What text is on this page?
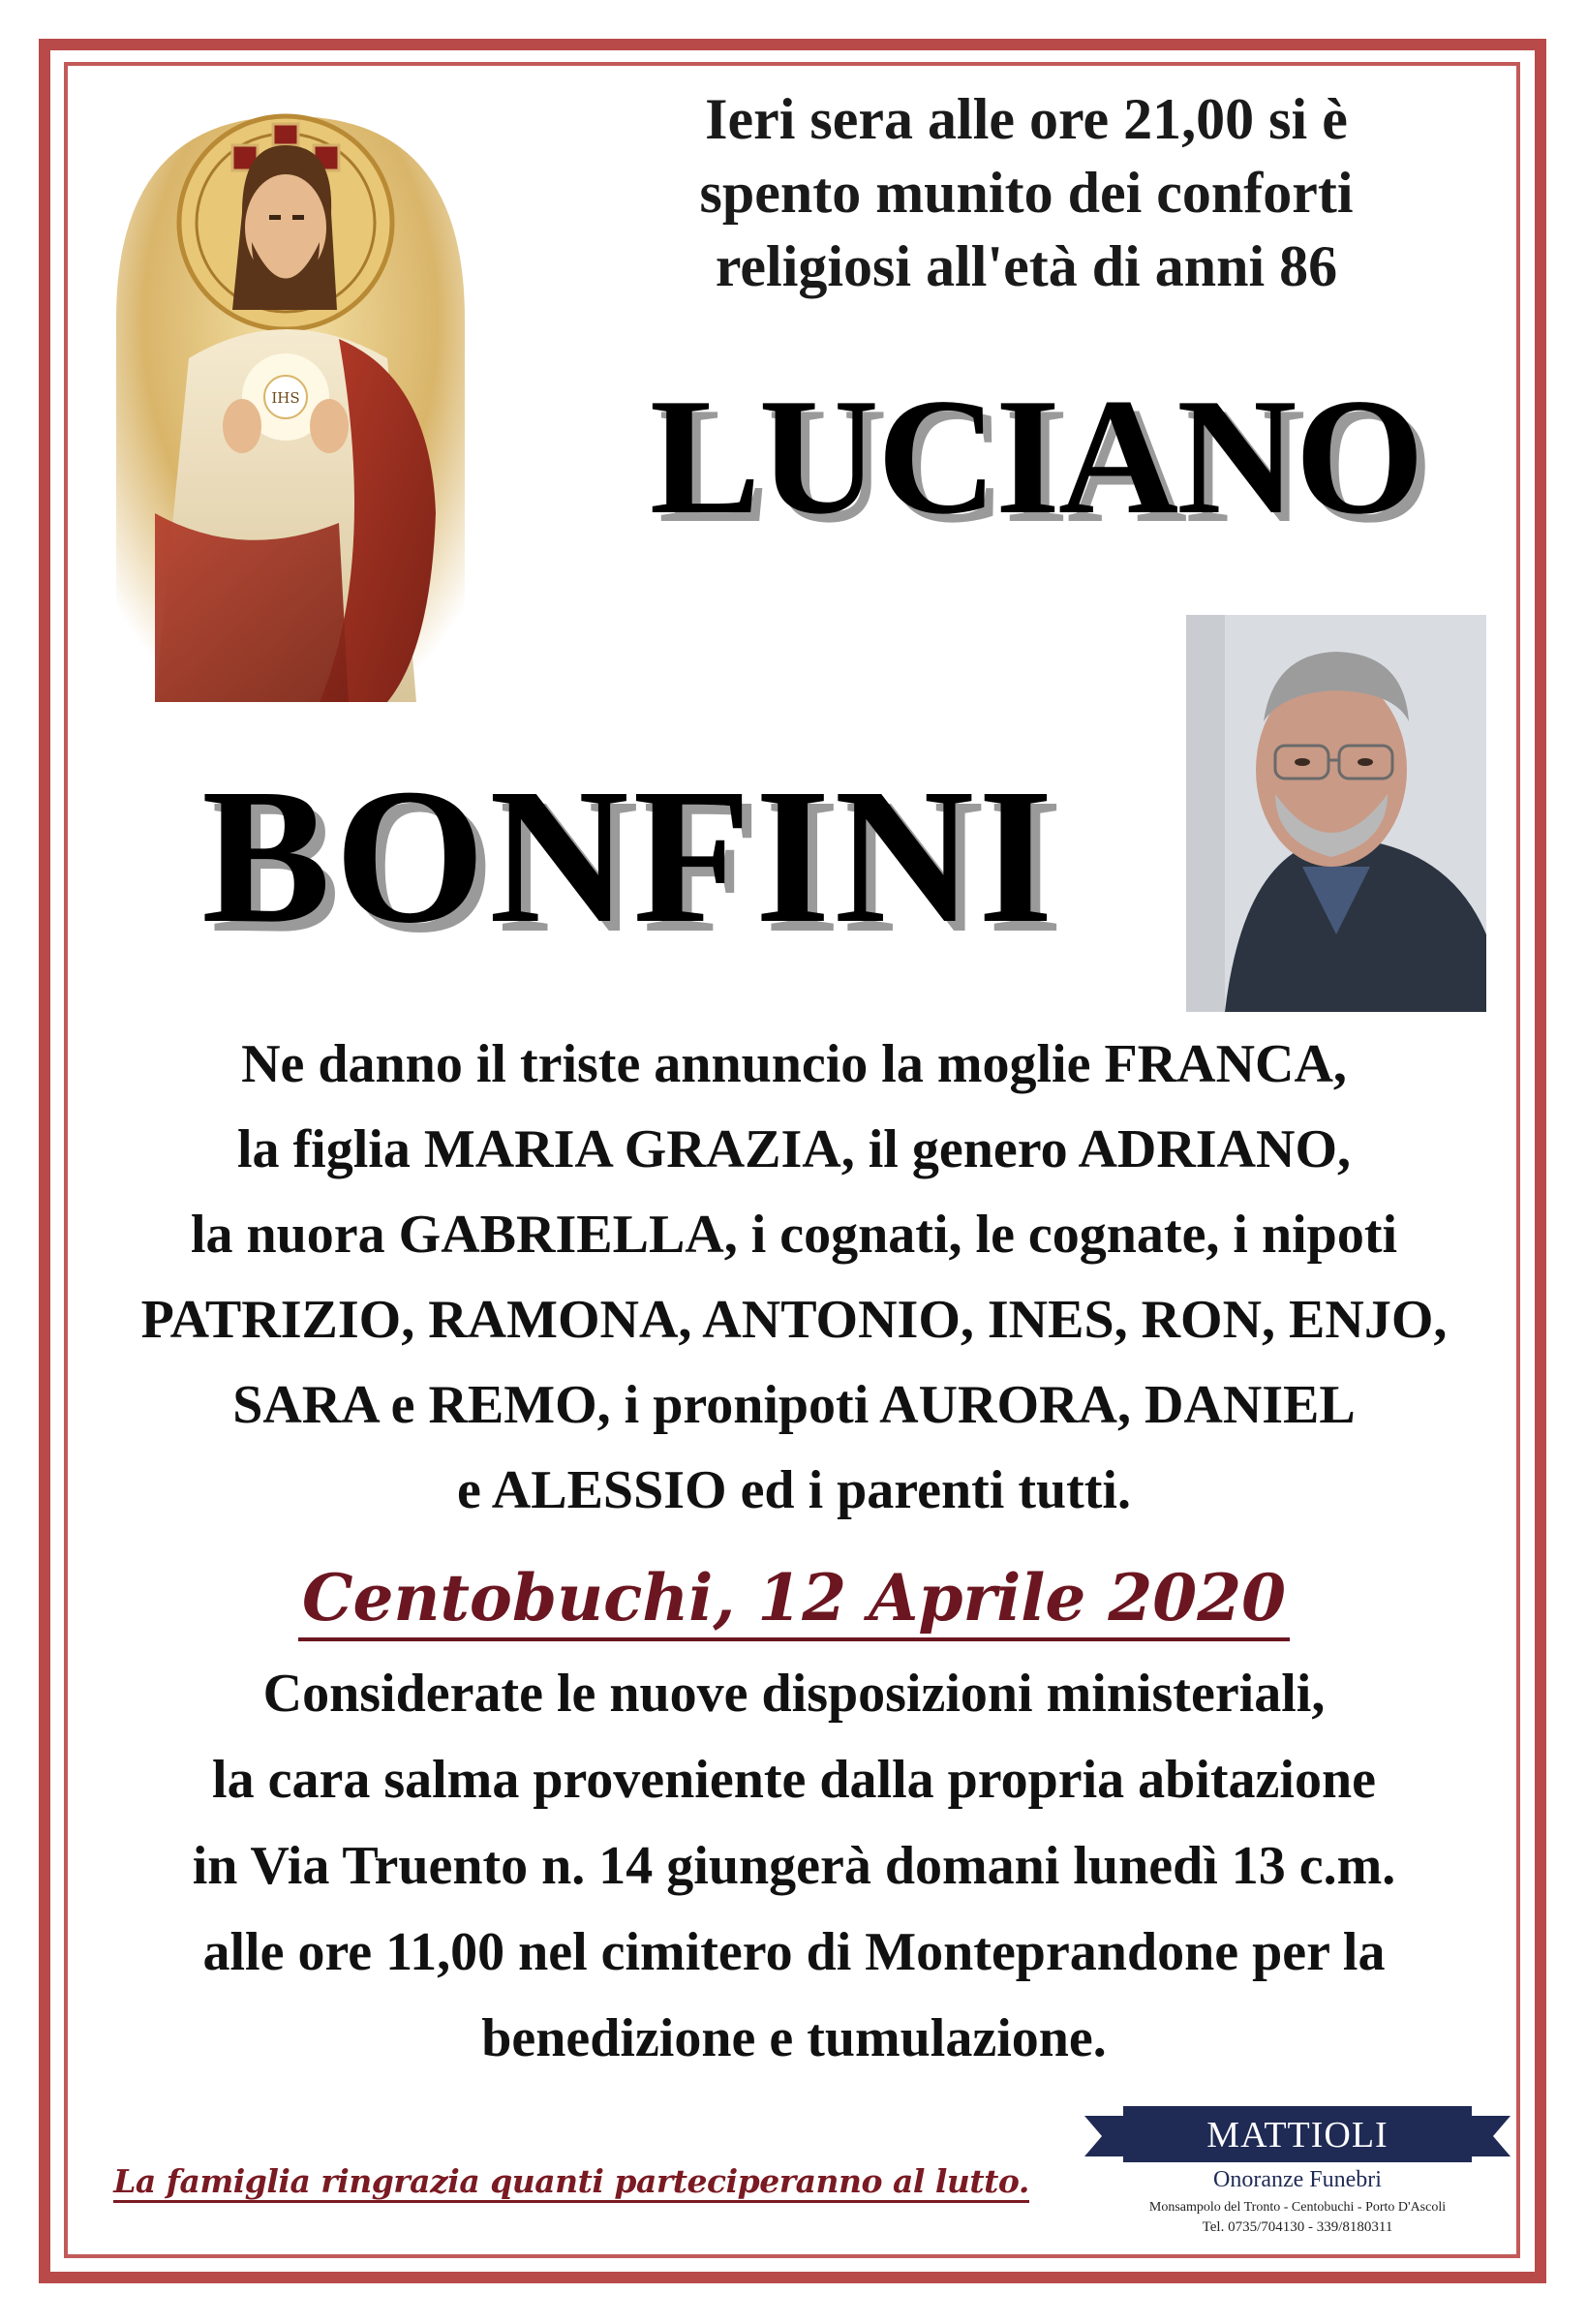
IHS
Ieri sera alle ore 21,00 si è
spento munito dei conforti
religiosi all'età di anni 86
LUCIANO
BONFINI
Ne danno il triste annuncio la moglie FRANCA,
la figlia MARIA GRAZIA, il genero ADRIANO,
la nuora GABRIELLA, i cognati, le cognate, i nipoti
PATRIZIO, RAMONA, ANTONIO, INES, RON, ENJO,
SARA e REMO, i pronipoti AURORA, DANIEL
e ALESSIO ed i parenti tutti.
Centobuchi, 12 Aprile 2020
Considerate le nuove disposizioni ministeriali,
la cara salma proveniente dalla propria abitazione
in Via Truento n. 14 giungerà domani lunedì 13 c.m.
alle ore 11,00 nel cimitero di Monteprandone per la
benedizione e tumulazione.
La famiglia ringrazia quanti parteciperanno al lutto.
MATTIOLI
Onoranze Funebri
Monsampolo del Tronto - Centobuchi - Porto D'Ascoli
Tel. 0735/704130 - 339/8180311
